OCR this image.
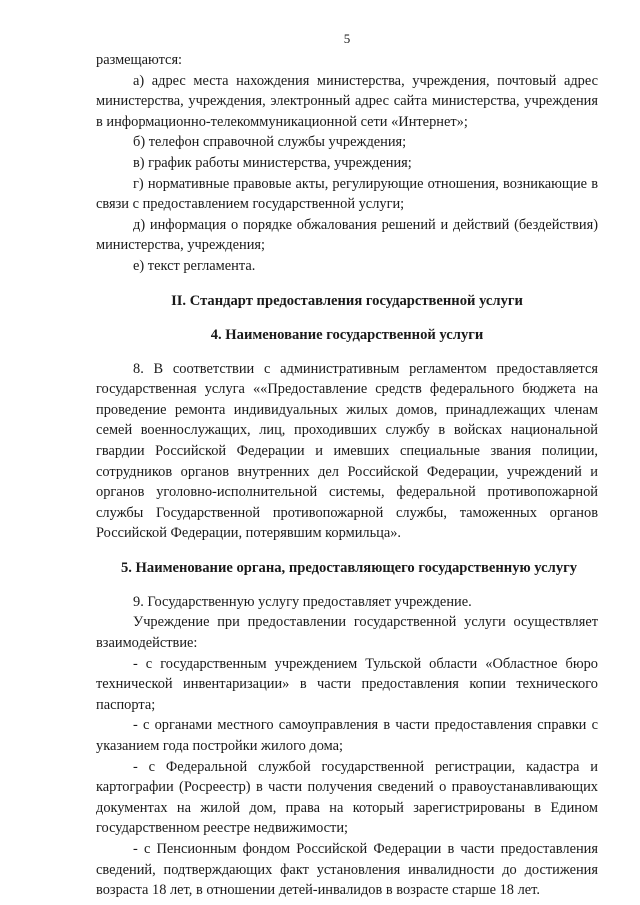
5

размещаются:

а) адрес места нахождения министерства, учреждения, почтовый адрес министерства, учреждения, электронный адрес сайта министерства, учреждения в информационно-телекоммуникационной сети «Интернет»;

б) телефон справочной службы учреждения;

в) график работы министерства, учреждения;

г) нормативные правовые акты, регулирующие отношения, возникающие в связи с предоставлением государственной услуги;

д) информация о порядке обжалования решений и действий (бездействия) министерства, учреждения;

е) текст регламента.

II. Стандарт предоставления государственной услуги
4. Наименование государственной услуги

8. В соответствии с административным регламентом предоставляется государственная услуга ««Предоставление средств федерального бюджета на проведение ремонта индивидуальных жилых домов, принадлежащих членам семей военнослужащих, лиц, проходивших службу в войсках национальной гвардии Российской Федерации и имевших специальные звания полиции, сотрудников органов внутренних дел Российской Федерации, учреждений и органов уголовно-исполнительной системы, федеральной противопожарной службы Государственной противопожарной службы, таможенных органов Российской Федерации, потерявшим кормильца».

5. Наименование органа, предоставляющего государственную услугу

9. Государственную услугу предоставляет учреждение.

Учреждение при предоставлении государственной услуги осуществляет взаимодействие:

- с государственным учреждением Тульской области «Областное бюро технической инвентаризации» в части предоставления копии технического паспорта;

- с органами местного самоуправления в части предоставления справки с указанием года постройки жилого дома;

- с Федеральной службой государственной регистрации, кадастра и картографии (Росреестр) в части получения сведений о правоустанавливающих документах на жилой дом, права на который зарегистрированы в Едином государственном реестре недвижимости;

- с Пенсионным фондом Российской Федерации в части предоставления сведений, подтверждающих факт установления инвалидности до достижения возраста 18 лет, в отношении детей-инвалидов в возрасте старше 18 лет.
